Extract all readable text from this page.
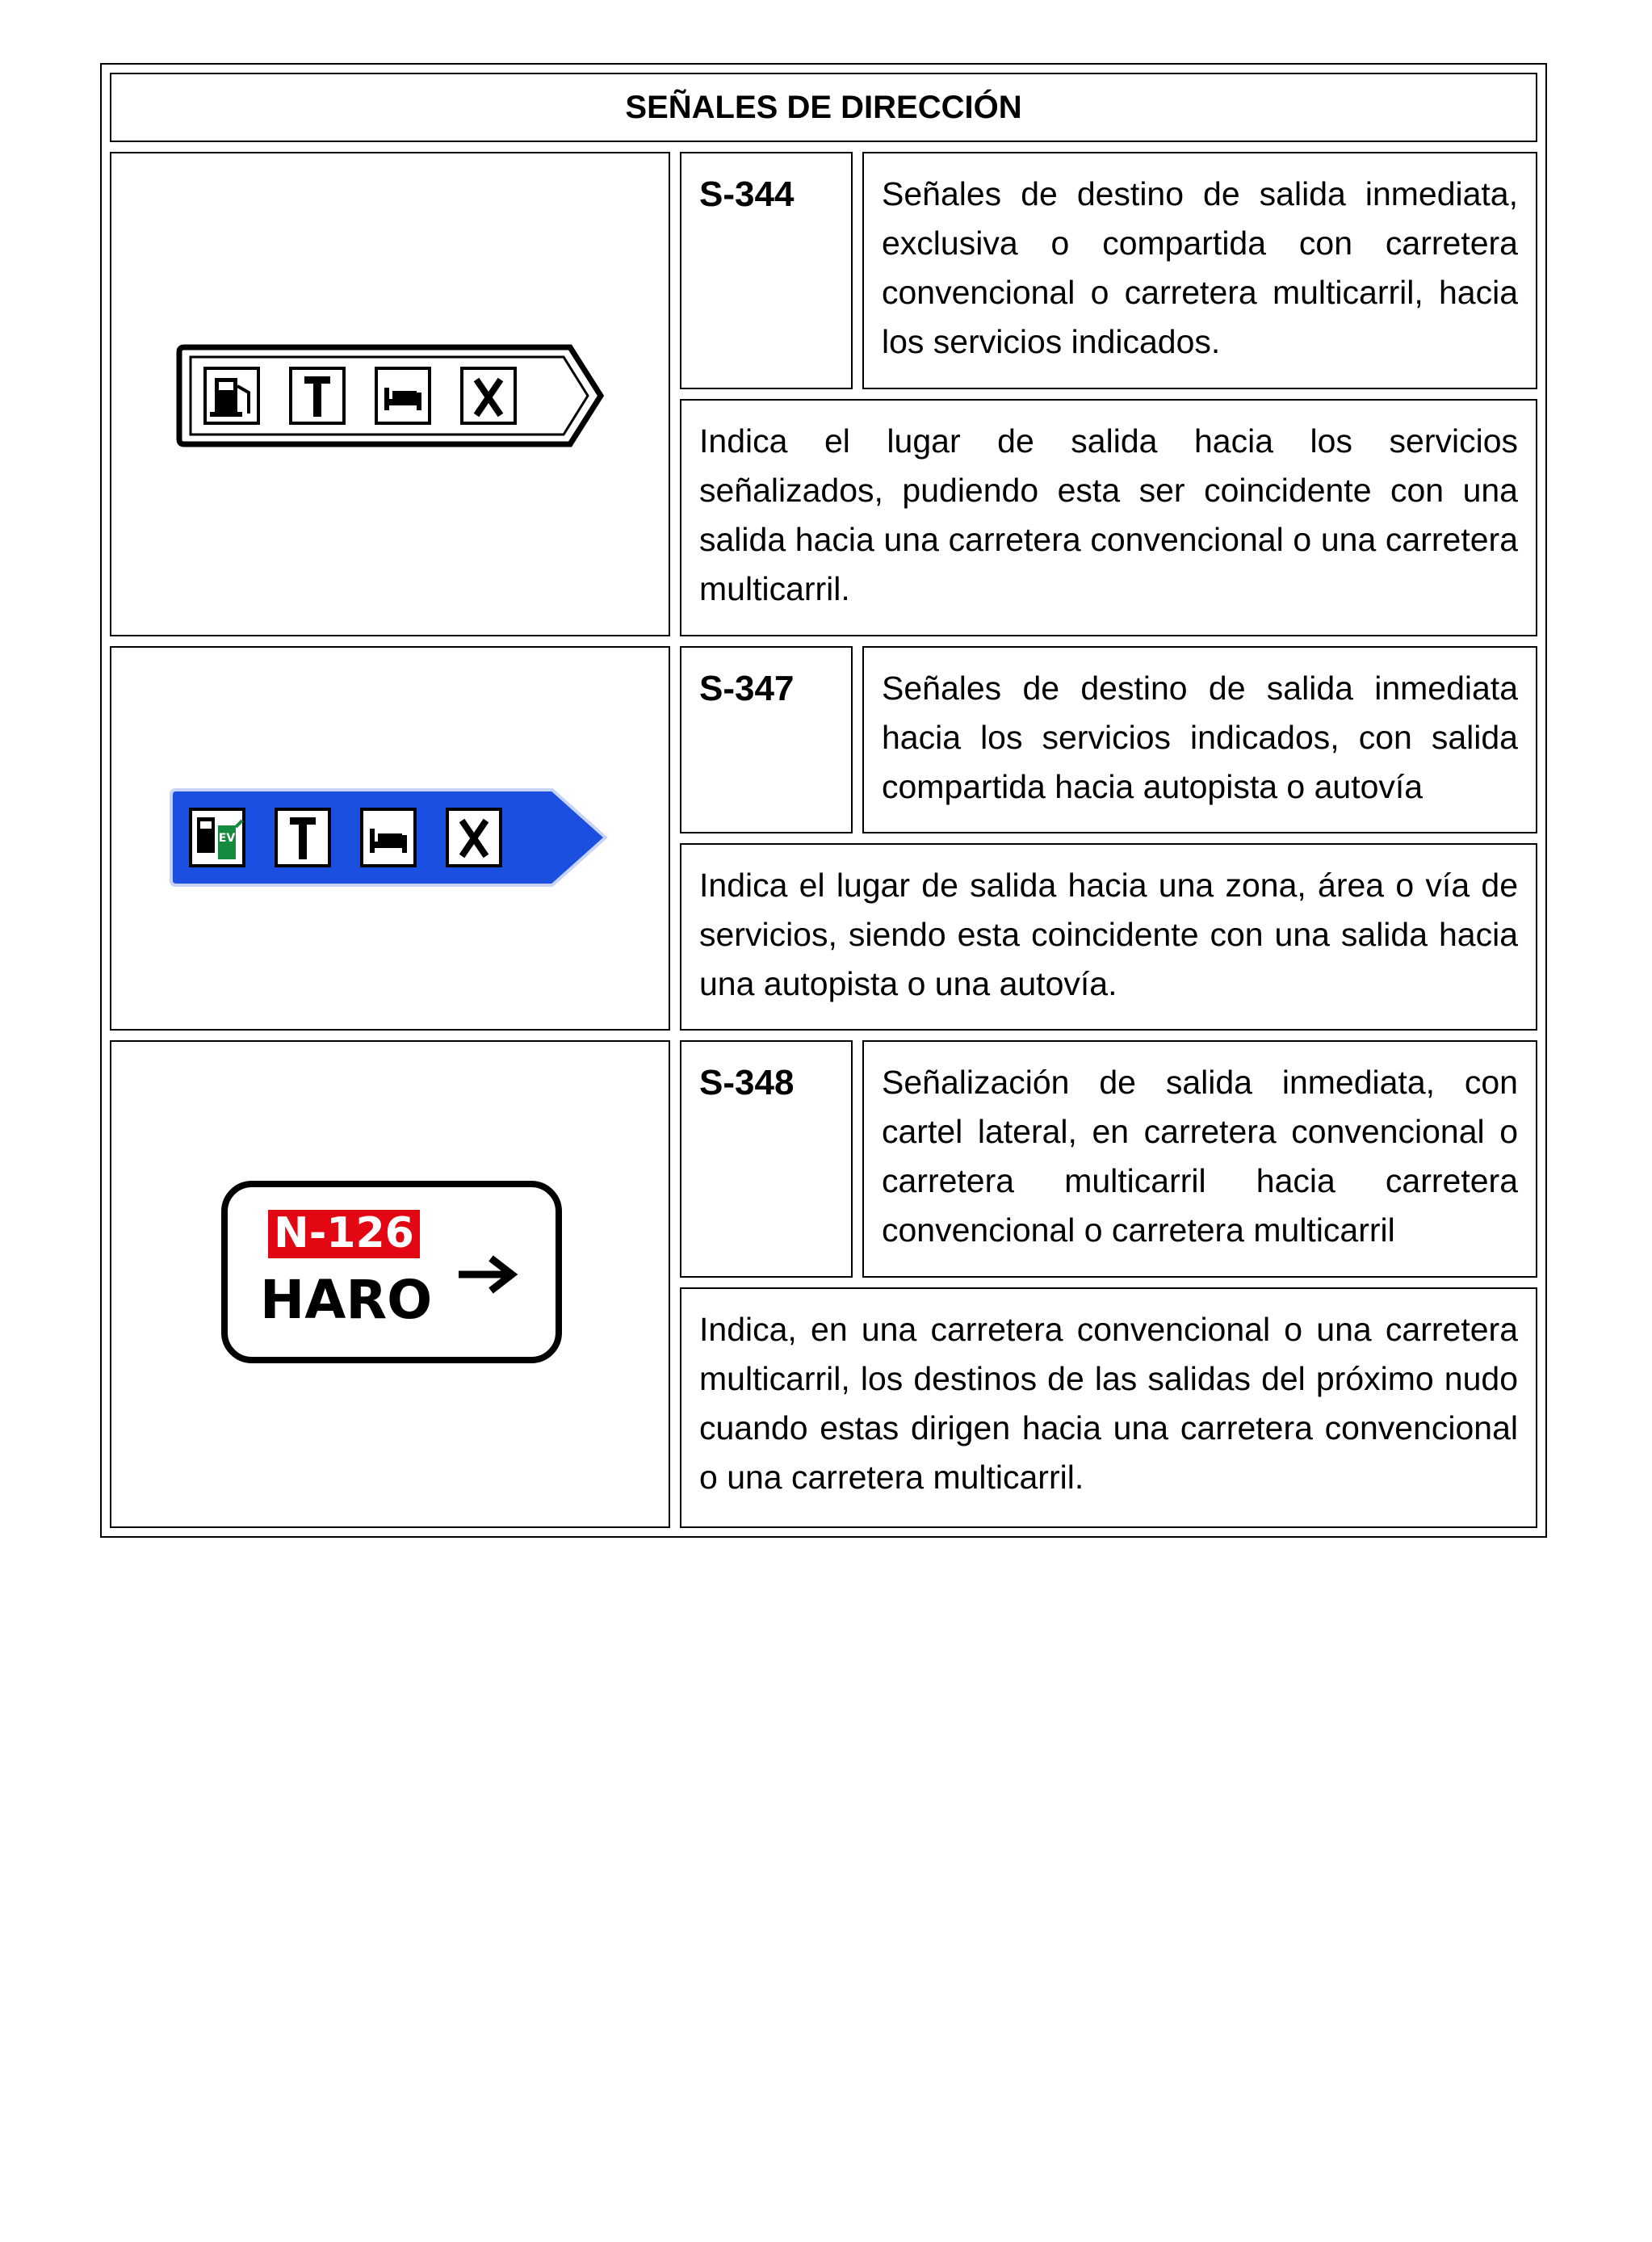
SEÑALES DE DIRECCIÓN
S-344	Señales de destino de salida inmediata, exclusiva o compartida con carretera convencional o carretera multicarril, hacia los servicios indicados.
Indica el lugar de salida hacia los servicios señalizados, pudiendo esta ser coincidente con una salida hacia una carretera convencional o una carretera multicarril.
EV
S-347	Señales de destino de salida inmediata hacia los servicios indicados, con salida compartida hacia autopista o autovía
Indica el lugar de salida hacia una zona, área o vía de servicios, siendo esta coincidente con una salida hacia una autopista o una autovía.
N-126
HARO
S-348	Señalización de salida inmediata, con cartel lateral, en carretera convencional o carretera multicarril hacia carretera convencional o carretera multicarril
Indica, en una carretera convencional o una carretera multicarril, los destinos de las salidas del próximo nudo cuando estas dirigen hacia una carretera convencional o una carretera multicarril.
